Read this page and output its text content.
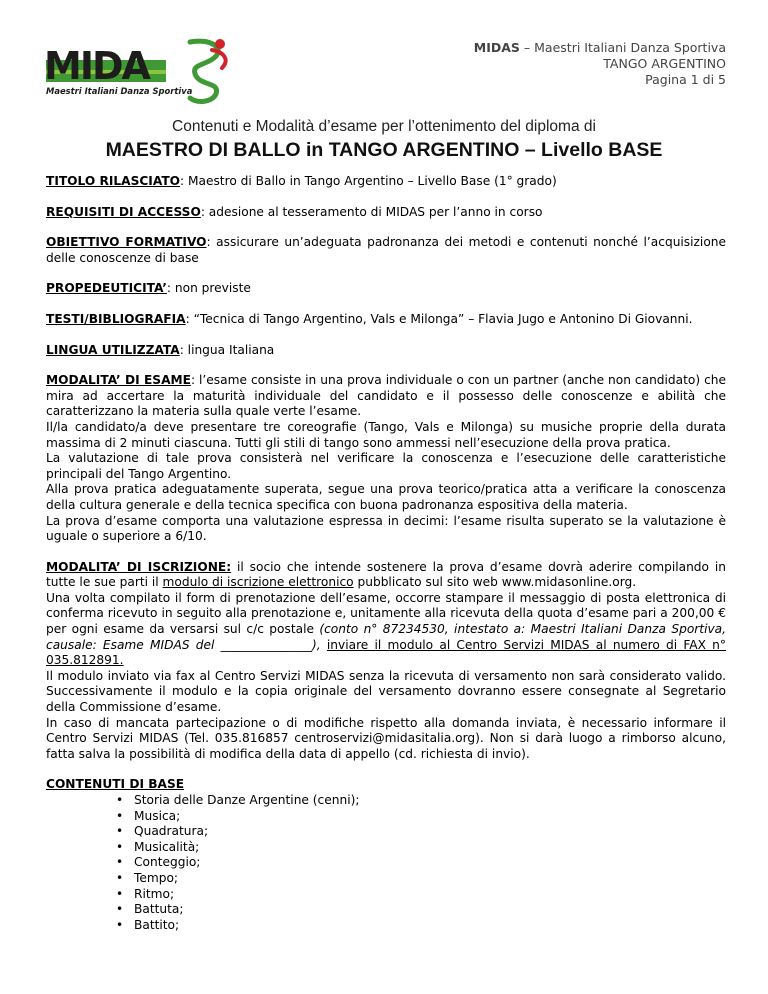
MIDA
Maestri Italiani Danza Sportiva
MIDAS – Maestri Italiani Danza Sportiva
TANGO ARGENTINO
Pagina 1 di 5
Contenuti e Modalità d’esame per l’ottenimento del diploma di
MAESTRO DI BALLO in TANGO ARGENTINO – Livello BASE

TITOLO RILASCIATO: Maestro di Ballo in Tango Argentino – Livello Base (1° grado)

REQUISITI DI ACCESSO: adesione al tesseramento di MIDAS per l’anno in corso

OBIETTIVO FORMATIVO: assicurare un’adeguata padronanza dei metodi e contenuti nonché l’acquisizione delle conoscenze di base

PROPEDEUTICITA’: non previste

TESTI/BIBLIOGRAFIA: “Tecnica di Tango Argentino, Vals e Milonga” – Flavia Jugo e Antonino Di Giovanni.

LINGUA UTILIZZATA: lingua Italiana

MODALITA’ DI ESAME: l’esame consiste in una prova individuale o con un partner (anche non candidato) che mira ad accertare la maturità individuale del candidato e il possesso delle conoscenze e abilità che caratterizzano la materia sulla quale verte l’esame.
Il/la candidato/a deve presentare tre coreografie (Tango, Vals e Milonga) su musiche proprie della durata massima di 2 minuti ciascuna. Tutti gli stili di tango sono ammessi nell’esecuzione della prova pratica.
La valutazione di tale prova consisterà nel verificare la conoscenza e l’esecuzione delle caratteristiche principali del Tango Argentino.
Alla prova pratica adeguatamente superata, segue una prova teorico/pratica atta a verificare la conoscenza della cultura generale e della tecnica specifica con buona padronanza espositiva della materia.
La prova d’esame comporta una valutazione espressa in decimi: l’esame risulta superato se la valutazione è uguale o superiore a 6/10.

MODALITA’ DI ISCRIZIONE: il socio che intende sostenere la prova d’esame dovrà aderire compilando in tutte le sue parti il modulo di iscrizione elettronico pubblicato sul sito web www.midasonline.org.
Una volta compilato il form di prenotazione dell’esame, occorre stampare il messaggio di posta elettronica di conferma ricevuto in seguito alla prenotazione e, unitamente alla ricevuta della quota d’esame pari a 200,00 € per ogni esame da versarsi sul c/c postale (conto n° 87234530, intestato a: Maestri Italiani Danza Sportiva, causale: Esame MIDAS del _______________), inviare il modulo al Centro Servizi MIDAS al numero di FAX n° 035.812891.
Il modulo inviato via fax al Centro Servizi MIDAS senza la ricevuta di versamento non sarà considerato valido. Successivamente il modulo e la copia originale del versamento dovranno essere consegnate al Segretario della Commissione d’esame.
In caso di mancata partecipazione o di modifiche rispetto alla domanda inviata, è necessario informare il Centro Servizi MIDAS (Tel. 035.816857 centroservizi@midasitalia.org). Non si darà luogo a rimborso alcuno, fatta salva la possibilità di modifica della data di appello (cd. richiesta di invio).

CONTENUTI DI BASE
• Storia delle Danze Argentine (cenni);
• Musica;
• Quadratura;
• Musicalità;
• Conteggio;
• Tempo;
• Ritmo;
• Battuta;
• Battito;
